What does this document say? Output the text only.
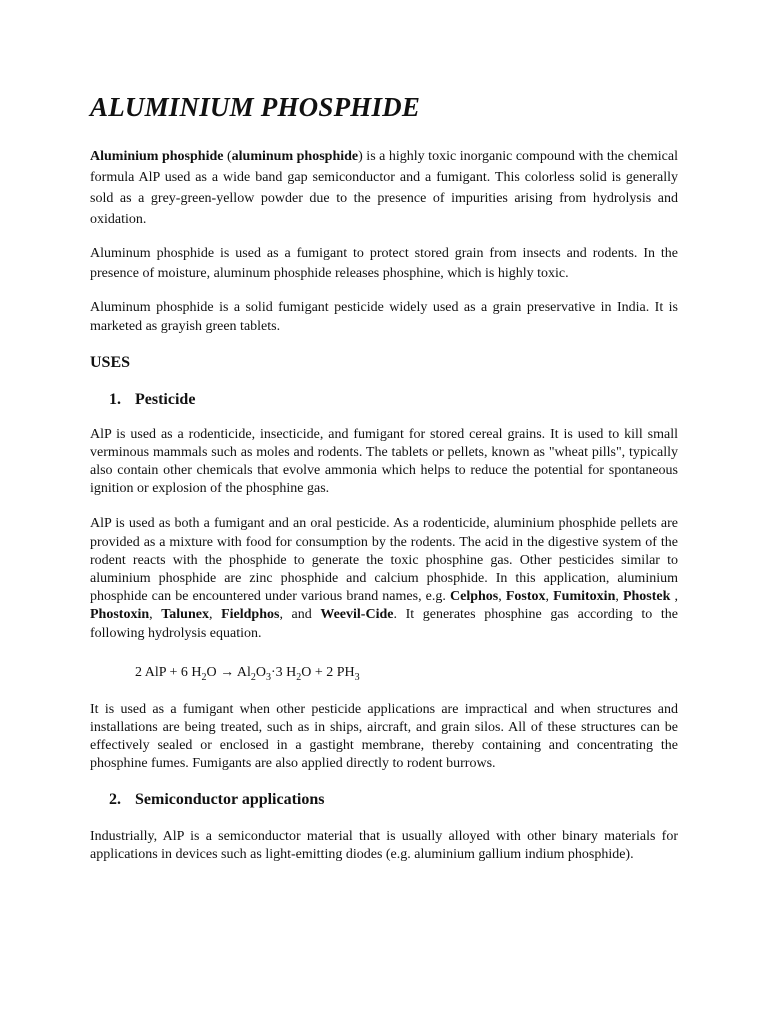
ALUMINIUM PHOSPHIDE

Aluminium phosphide (aluminum phosphide) is a highly toxic inorganic compound with the chemical formula AlP used as a wide band gap semiconductor and a fumigant. This colorless solid is generally sold as a grey-green-yellow powder due to the presence of impurities arising from hydrolysis and oxidation.

Aluminum phosphide is used as a fumigant to protect stored grain from insects and rodents. In the presence of moisture, aluminum phosphide releases phosphine, which is highly toxic.

Aluminum phosphide is a solid fumigant pesticide widely used as a grain preservative in India. It is marketed as grayish green tablets.

USES
1. Pesticide

AlP is used as a rodenticide, insecticide, and fumigant for stored cereal grains. It is used to kill small verminous mammals such as moles and rodents. The tablets or pellets, known as "wheat pills", typically also contain other chemicals that evolve ammonia which helps to reduce the potential for spontaneous ignition or explosion of the phosphine gas.

AlP is used as both a fumigant and an oral pesticide. As a rodenticide, aluminium phosphide pellets are provided as a mixture with food for consumption by the rodents. The acid in the digestive system of the rodent reacts with the phosphide to generate the toxic phosphine gas. Other pesticides similar to aluminium phosphide are zinc phosphide and calcium phosphide. In this application, aluminium phosphide can be encountered under various brand names, e.g. Celphos, Fostox, Fumitoxin, Phostek , Phostoxin, Talunex, Fieldphos, and Weevil-Cide. It generates phosphine gas according to the following hydrolysis equation.

2 AlP + 6 $H_2O \to Al_2O_3\cdot 3$ $H_2O + 2$ $PH_3$

It is used as a fumigant when other pesticide applications are impractical and when structures and installations are being treated, such as in ships, aircraft, and grain silos. All of these structures can be effectively sealed or enclosed in a gastight membrane, thereby containing and concentrating the phosphine fumes. Fumigants are also applied directly to rodent burrows.

2. Semiconductor applications

Industrially, AlP is a semiconductor material that is usually alloyed with other binary materials for applications in devices such as light-emitting diodes (e.g. aluminium gallium indium phosphide).
